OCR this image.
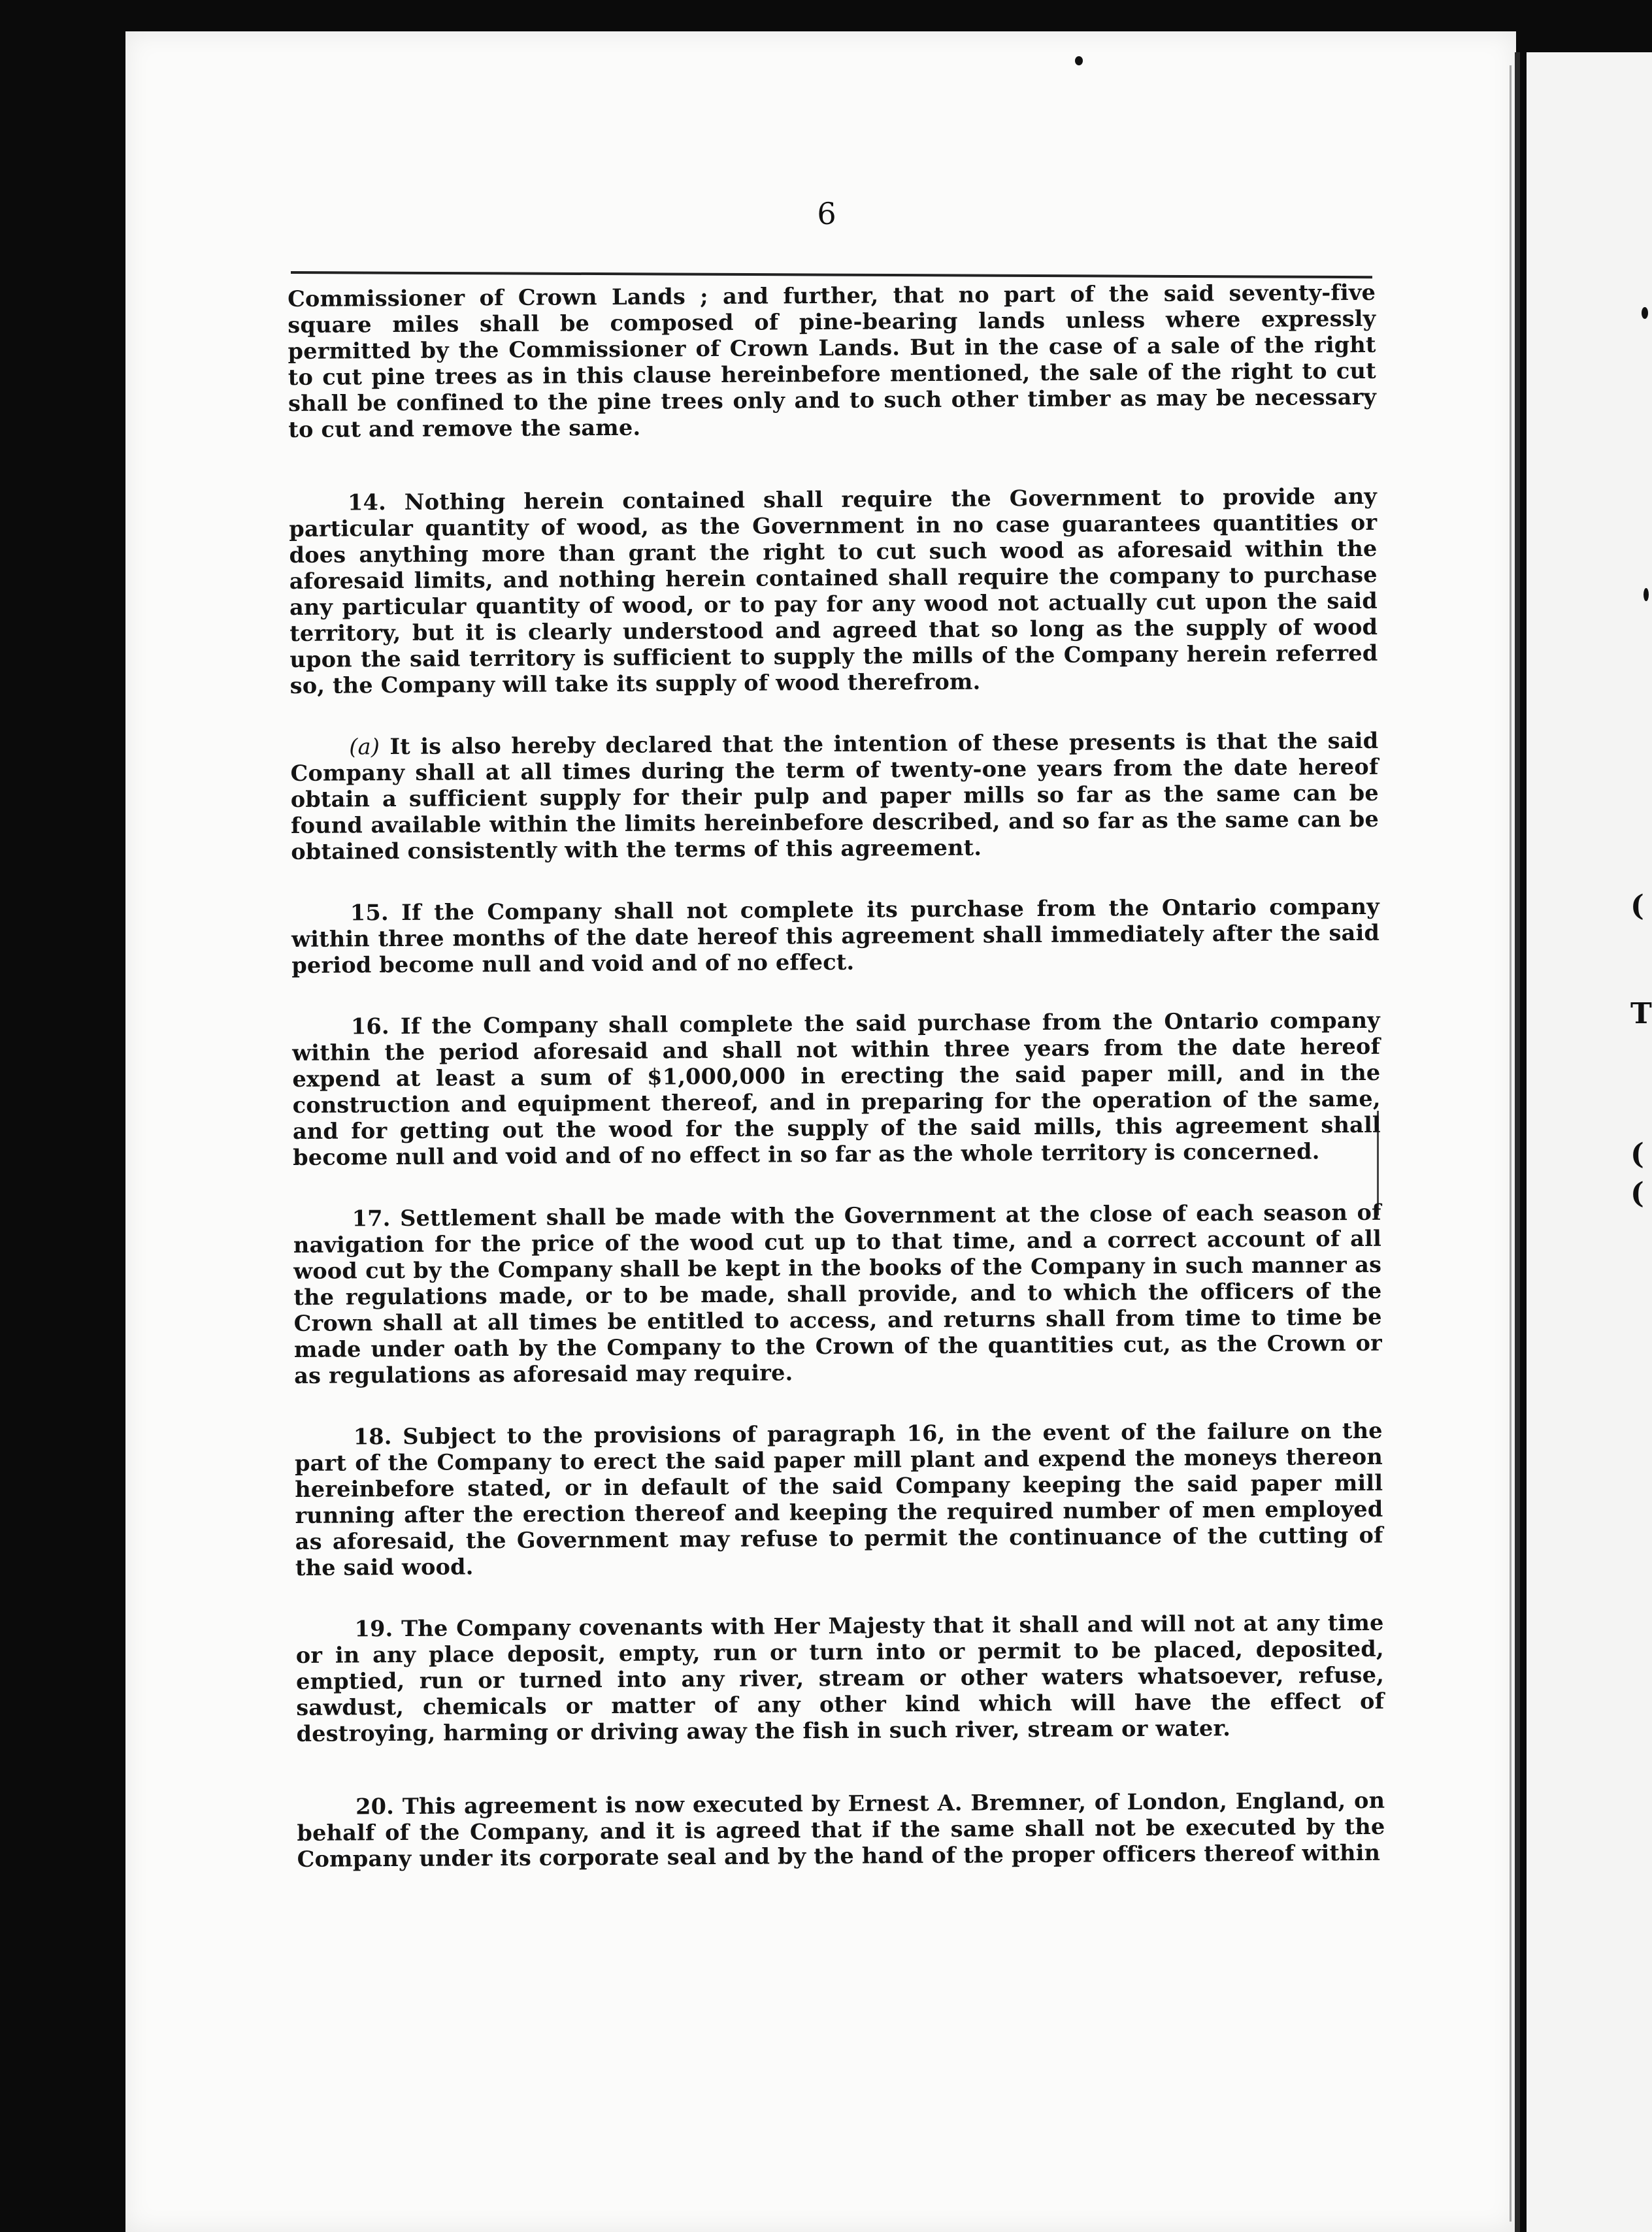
(
T
(
(
6

Commissioner of Crown Lands ; and further, that no part of the said seventy-five square miles shall be composed of pine-bearing lands unless where expressly permitted by the Commissioner of Crown Lands. But in the case of a sale of the right to cut pine trees as in this clause hereinbefore mentioned, the sale of the right to cut shall be confined to the pine trees only and to such other timber as may be necessary to cut and remove the same.

14. Nothing herein contained shall require the Government to provide any particular quantity of wood, as the Government in no case guarantees quantities or does anything more than grant the right to cut such wood as aforesaid within the aforesaid limits, and nothing herein contained shall require the company to purchase any particular quantity of wood, or to pay for any wood not actually cut upon the said territory, but it is clearly understood and agreed that so long as the supply of wood upon the said territory is sufficient to supply the mills of the Company herein referred so, the Company will take its supply of wood therefrom.

(a) It is also hereby declared that the intention of these presents is that the said Company shall at all times during the term of twenty-one years from the date hereof obtain a sufficient supply for their pulp and paper mills so far as the same can be found available within the limits hereinbefore described, and so far as the same can be obtained consistently with the terms of this agreement.

15. If the Company shall not complete its purchase from the Ontario company within three months of the date hereof this agreement shall immediately after the said period become null and void and of no effect.

16. If the Company shall complete the said purchase from the Ontario company within the period aforesaid and shall not within three years from the date hereof expend at least a sum of $1,000,000 in erecting the said paper mill, and in the construction and equipment thereof, and in preparing for the operation of the same, and for getting out the wood for the supply of the said mills, this agreement shall become null and void and of no effect in so far as the whole territory is concerned.

17. Settlement shall be made with the Government at the close of each season of navigation for the price of the wood cut up to that time, and a correct account of all wood cut by the Company shall be kept in the books of the Company in such manner as the regulations made, or to be made, shall provide, and to which the officers of the Crown shall at all times be entitled to access, and returns shall from time to time be made under oath by the Company to the Crown of the quantities cut, as the Crown or as regulations as aforesaid may require.

18. Subject to the provisions of paragraph 16, in the event of the failure on the part of the Company to erect the said paper mill plant and expend the moneys thereon hereinbefore stated, or in default of the said Company keeping the said paper mill running after the erection thereof and keeping the required number of men employed as aforesaid, the Government may refuse to permit the continuance of the cutting of the said wood.

19. The Company covenants with Her Majesty that it shall and will not at any time or in any place deposit, empty, run or turn into or permit to be placed, deposited, emptied, run or turned into any river, stream or other waters whatsoever, refuse, sawdust, chemicals or matter of any other kind which will have the effect of destroying, harming or driving away the fish in such river, stream or water.

20. This agreement is now executed by Ernest A. Bremner, of London, England, on behalf of the Company, and it is agreed that if the same shall not be executed by the Company under its corporate seal and by the hand of the proper officers thereof within
